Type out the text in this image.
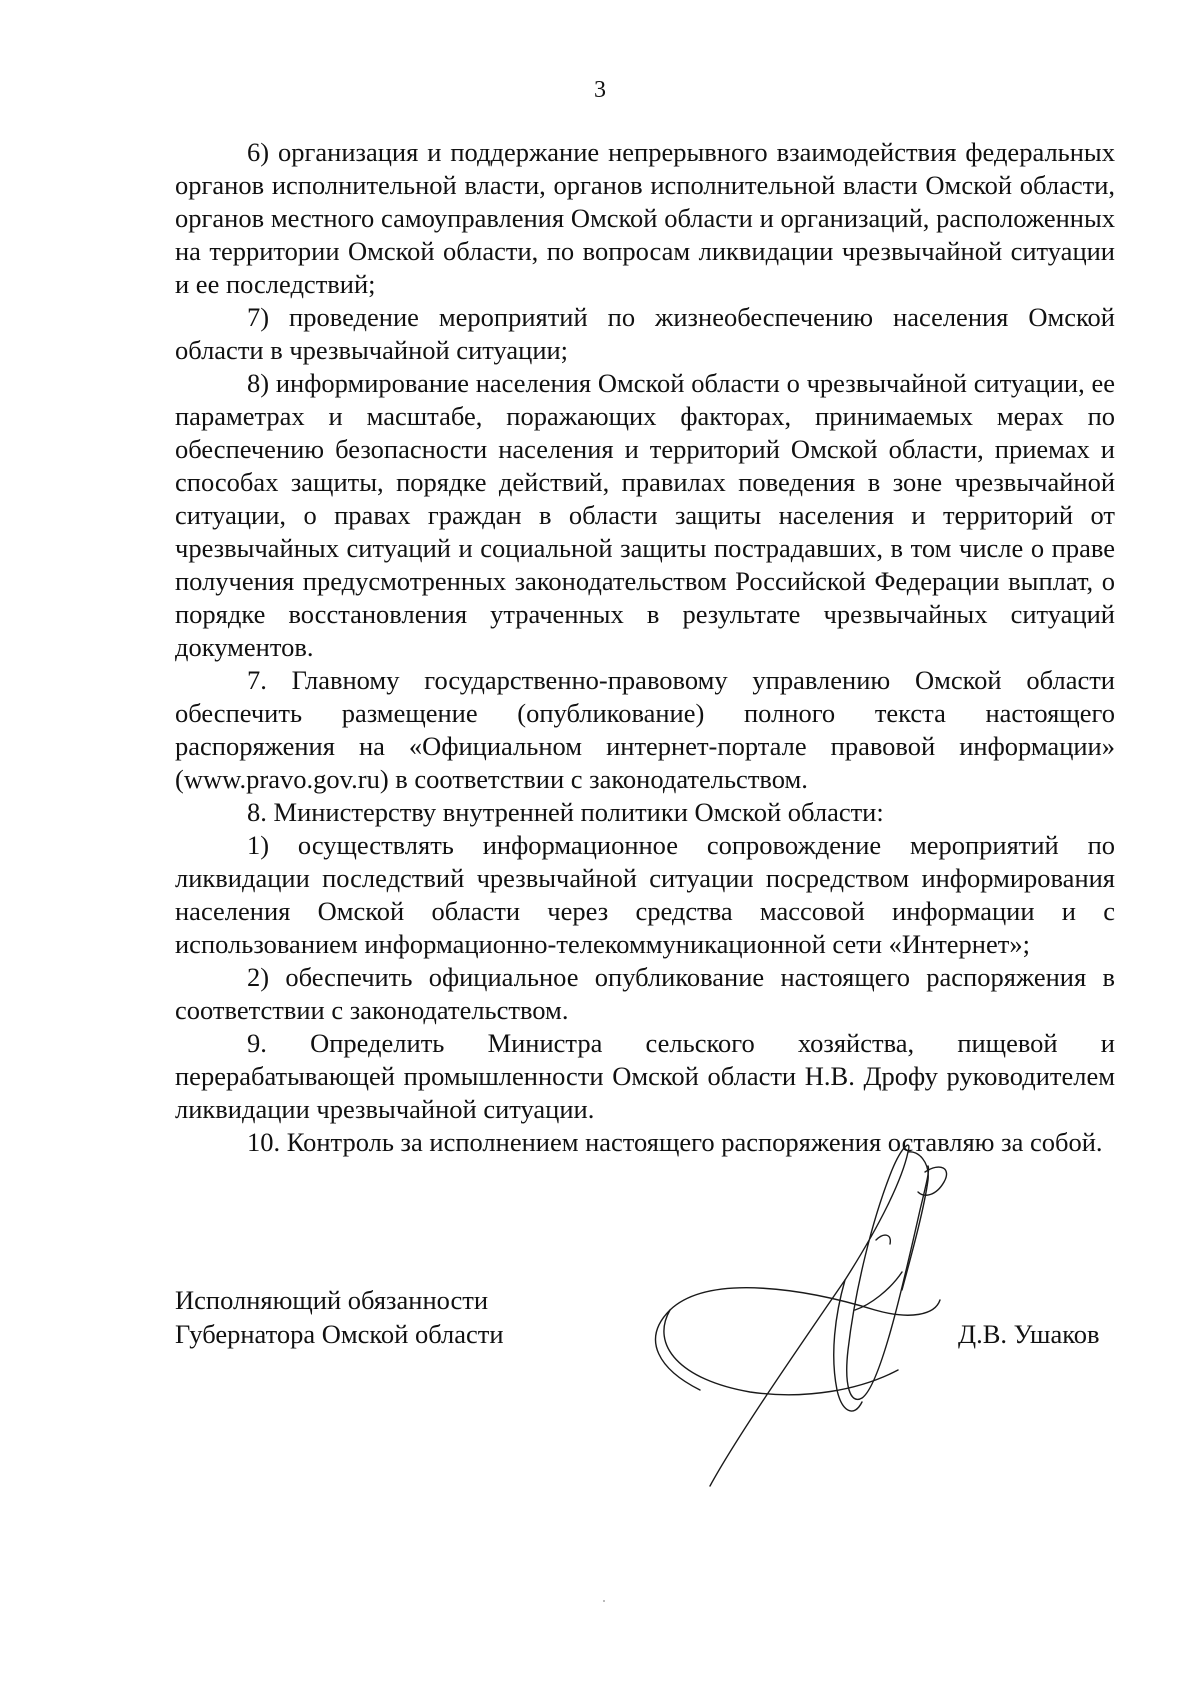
3

6) организация и поддержание непрерывного взаимодействия федеральных органов исполнительной власти, органов исполнительной власти Омской области, органов местного самоуправления Омской области и организаций, расположенных на территории Омской области, по вопросам ликвидации чрезвычайной ситуации и ее последствий;

7) проведение мероприятий по жизнеобеспечению населения Омской области в чрезвычайной ситуации;

8) информирование населения Омской области о чрезвычайной ситуации, ее параметрах и масштабе, поражающих факторах, принимаемых мерах по обеспечению безопасности населения и территорий Омской области, приемах и способах защиты, порядке действий, правилах поведения в зоне чрезвычайной ситуации, о правах граждан в области защиты населения и территорий от чрезвычайных ситуаций и социальной защиты пострадавших, в том числе о праве получения предусмотренных законодательством Российской Федерации выплат, о порядке восстановления утраченных в результате чрезвычайных ситуаций документов.

7. Главному государственно-правовому управлению Омской области обеспечить размещение (опубликование) полного текста настоящего распоряжения на «Официальном интернет-портале правовой информации» (www.pravo.gov.ru) в соответствии с законодательством.

8. Министерству внутренней политики Омской области:

1) осуществлять информационное сопровождение мероприятий по ликвидации последствий чрезвычайной ситуации посредством информирования населения Омской области через средства массовой информации и с использованием информационно-телекоммуникационной сети «Интернет»;

2) обеспечить официальное опубликование настоящего распоряжения в соответствии с законодательством.

9. Определить Министра сельского хозяйства, пищевой и перерабатывающей промышленности Омской области Н.В. Дрофу руководителем ликвидации чрезвычайной ситуации.

10. Контроль за исполнением настоящего распоряжения оставляю за собой.

Исполняющий обязанности
Губернатора Омской области	Д.В. Ушаков
